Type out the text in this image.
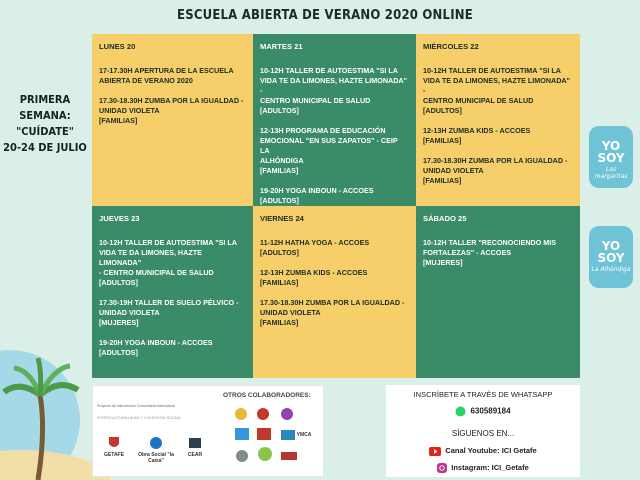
ESCUELA ABIERTA DE VERANO 2020 ONLINE
PRIMERA SEMANA:
"CUÍDATE"
20-24 DE JULIO
LUNES 20
17-17.30H APERTURA DE LA ESCUELA
ABIERTA DE VERANO 2020
17.30-18.30H ZUMBA POR LA IGUALDAD -
UNIDAD VIOLETA
[FAMILIAS]
MARTES 21
10-12H TALLER DE AUTOESTIMA "SI LA
VIDA TE DA LIMONES, HAZTE LIMONADA" -
CENTRO MUNICIPAL DE SALUD
[ADULTOS]
12-13H PROGRAMA DE EDUCACIÓN
EMOCIONAL "EN SUS ZAPATOS" - CEIP LA
ALHÓNDIGA
[FAMILIAS]
19-20H YOGA INBOUN - ACCOES
[ADULTOS]
MIÉRCOLES 22
10-12H TALLER DE AUTOESTIMA "SI LA
VIDA TE DA LIMONES, HAZTE LIMONADA" -
CENTRO MUNICIPAL DE SALUD
[ADULTOS]
12-13H ZUMBA KIDS - ACCOES
[FAMILIAS]
17.30-18.30H ZUMBA POR LA IGUALDAD -
UNIDAD VIOLETA
[FAMILIAS]
JUEVES 23
10-12H TALLER DE AUTOESTIMA "SI LA
VIDA TE DA LIMONES, HAZTE LIMONADA"
- CENTRO MUNICIPAL DE SALUD
[ADULTOS]
17.30-19H TALLER DE SUELO PÉLVICO -
UNIDAD VIOLETA
[MUJERES]
19-20H YOGA INBOUN - ACCOES
[ADULTOS]
VIERNES 24
11-12H HATHA YOGA - ACCOES
[ADULTOS]
12-13H ZUMBA KIDS - ACCOES
[FAMILIAS]
17.30-18.30H ZUMBA POR LA IGUALDAD -
UNIDAD VIOLETA
[FAMILIAS]
SÁBADO 25
10-12H TALLER "RECONOCIENDO MIS
FORTALEZAS" - ACCOES
[MUJERES]
YO SOY
Las margaritas
YO SOY
La Alhóndiga
OTROS COLABORADORES:
Proyecto de Intervención Comunitaria Intercultural
INTERCULTURALIDAD Y COHESIÓN SOCIAL
GETAFE	Obra Social "la Caixa"
CEAR
YMCA
INSCRÍBETE A TRAVÉS DE WHATSAPP
630589184
SÍGUENOS EN...
Canal Youtube: ICI Getafe
Instagram: ICI_Getafe
